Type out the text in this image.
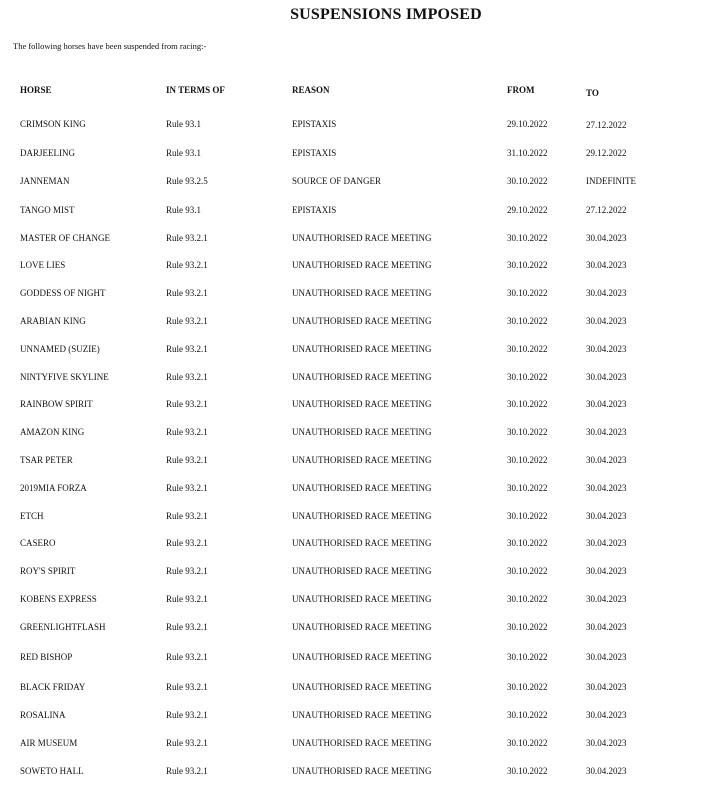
SUSPENSIONS IMPOSED
The following horses have been suspended from racing:-
HORSE	IN TERMS OF	REASON	FROM	TO
CRIMSON KING	Rule 93.1	EPISTAXIS	29.10.2022	27.12.2022
DARJEELING	Rule 93.1	EPISTAXIS	31.10.2022	29.12.2022
JANNEMAN	Rule 93.2.5	SOURCE OF DANGER	30.10.2022	INDEFINITE
TANGO MIST	Rule 93.1	EPISTAXIS	29.10.2022	27.12.2022
MASTER OF CHANGE	Rule 93.2.1	UNAUTHORISED RACE MEETING	30.10.2022	30.04.2023
LOVE LIES	Rule 93.2.1	UNAUTHORISED RACE MEETING	30.10.2022	30.04.2023
GODDESS OF NIGHT	Rule 93.2.1	UNAUTHORISED RACE MEETING	30.10.2022	30.04.2023
ARABIAN KING	Rule 93.2.1	UNAUTHORISED RACE MEETING	30.10.2022	30.04.2023
UNNAMED (SUZIE)	Rule 93.2.1	UNAUTHORISED RACE MEETING	30.10.2022	30.04.2023
NINTYFIVE SKYLINE	Rule 93.2.1	UNAUTHORISED RACE MEETING	30.10.2022	30.04.2023
RAINBOW SPIRIT	Rule 93.2.1	UNAUTHORISED RACE MEETING	30.10.2022	30.04.2023
AMAZON KING	Rule 93.2.1	UNAUTHORISED RACE MEETING	30.10.2022	30.04.2023
TSAR PETER	Rule 93.2.1	UNAUTHORISED RACE MEETING	30.10.2022	30.04.2023
2019MIA FORZA	Rule 93.2.1	UNAUTHORISED RACE MEETING	30.10.2022	30.04.2023
ETCH	Rule 93.2.1	UNAUTHORISED RACE MEETING	30.10.2022	30.04.2023
CASERO	Rule 93.2.1	UNAUTHORISED RACE MEETING	30.10.2022	30.04.2023
ROY'S SPIRIT	Rule 93.2.1	UNAUTHORISED RACE MEETING	30.10.2022	30.04.2023
KOBENS EXPRESS	Rule 93.2.1	UNAUTHORISED RACE MEETING	30.10.2022	30.04.2023
GREENLIGHTFLASH	Rule 93.2.1	UNAUTHORISED RACE MEETING	30.10.2022	30.04.2023
RED BISHOP	Rule 93.2.1	UNAUTHORISED RACE MEETING	30.10.2022	30.04.2023
BLACK FRIDAY	Rule 93.2.1	UNAUTHORISED RACE MEETING	30.10.2022	30.04.2023
ROSALINA	Rule 93.2.1	UNAUTHORISED RACE MEETING	30.10.2022	30.04.2023
AIR MUSEUM	Rule 93.2.1	UNAUTHORISED RACE MEETING	30.10.2022	30.04.2023
SOWETO HALL	Rule 93.2.1	UNAUTHORISED RACE MEETING	30.10.2022	30.04.2023
